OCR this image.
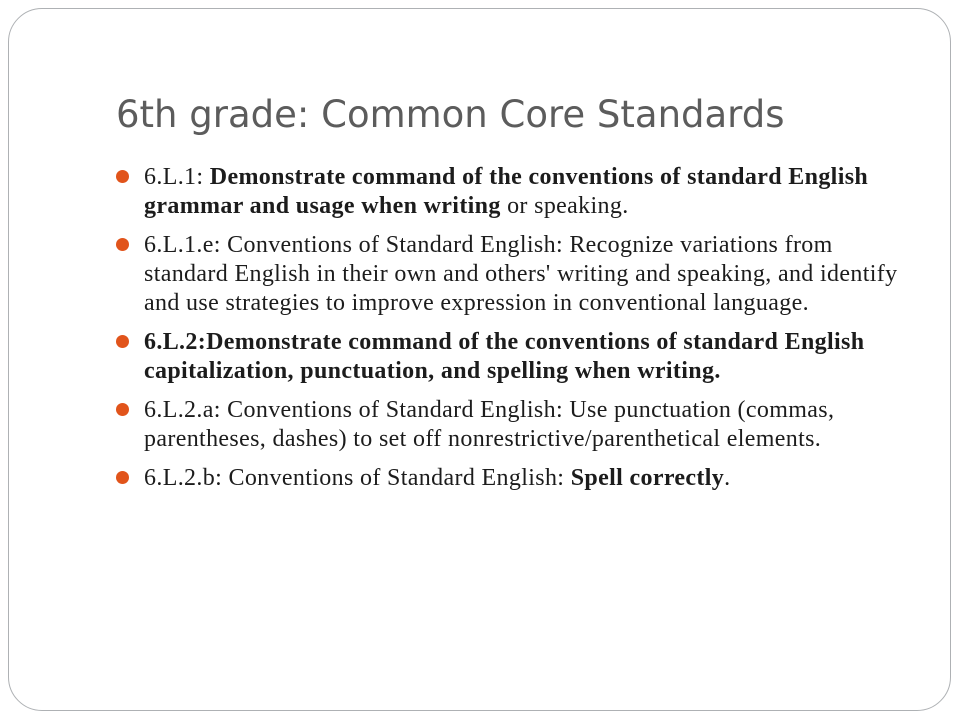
6th grade: Common Core Standards
6.L.1: Demonstrate command of the conventions of standard English grammar and usage when writing or speaking.
6.L.1.e: Conventions of Standard English: Recognize variations from standard English in their own and others' writing and speaking, and identify and use strategies to improve expression in conventional language.
6.L.2:Demonstrate command of the conventions of standard English capitalization, punctuation, and spelling when writing.
6.L.2.a: Conventions of Standard English: Use punctuation (commas, parentheses, dashes) to set off nonrestrictive/parenthetical elements.
6.L.2.b: Conventions of Standard English: Spell correctly.
